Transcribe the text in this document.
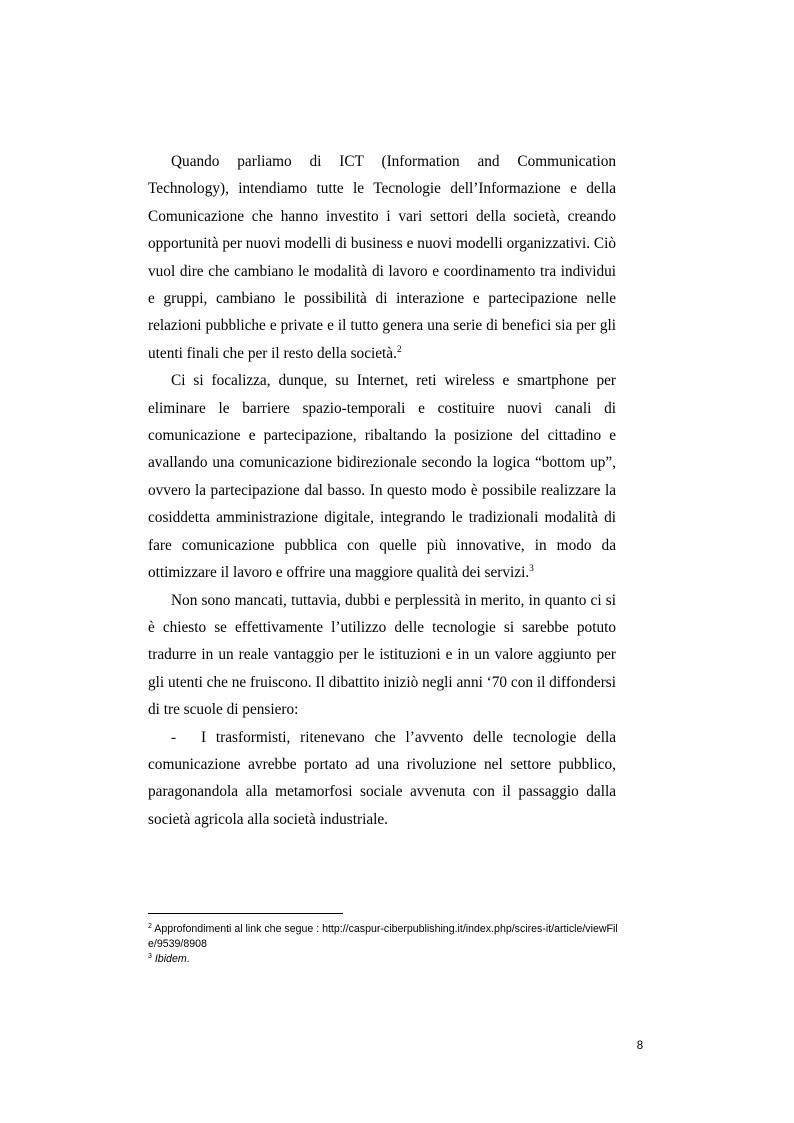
Quando parliamo di ICT (Information and Communication Technology), intendiamo tutte le Tecnologie dell’Informazione e della Comunicazione che hanno investito i vari settori della società, creando opportunità per nuovi modelli di business e nuovi modelli organizzativi. Ciò vuol dire che cambiano le modalità di lavoro e coordinamento tra individui e gruppi, cambiano le possibilità di interazione e partecipazione nelle relazioni pubbliche e private e il tutto genera una serie di benefici sia per gli utenti finali che per il resto della società.$^2$

Ci si focalizza, dunque, su Internet, reti wireless e smartphone per eliminare le barriere spazio-temporali e costituire nuovi canali di comunicazione e partecipazione, ribaltando la posizione del cittadino e avallando una comunicazione bidirezionale secondo la logica “bottom up”, ovvero la partecipazione dal basso. In questo modo è possibile realizzare la cosiddetta amministrazione digitale, integrando le tradizionali modalità di fare comunicazione pubblica con quelle più innovative, in modo da ottimizzare il lavoro e offrire una maggiore qualità dei servizi.$^3$

Non sono mancati, tuttavia, dubbi e perplessità in merito, in quanto ci si è chiesto se effettivamente l’utilizzo delle tecnologie si sarebbe potuto tradurre in un reale vantaggio per le istituzioni e in un valore aggiunto per gli utenti che ne fruiscono. Il dibattito iniziò negli anni ‘70 con il diffondersi di tre scuole di pensiero:

- I trasformisti, ritenevano che l’avvento delle tecnologie della comunicazione avrebbe portato ad una rivoluzione nel settore pubblico, paragonandola alla metamorfosi sociale avvenuta con il passaggio dalla società agricola alla società industriale.

$^2$ Approfondimenti al link che segue : http://caspur-ciberpublishing.it/index.php/scires-it/article/viewFile/9539/8908

$^3$ Ibidem.

8
